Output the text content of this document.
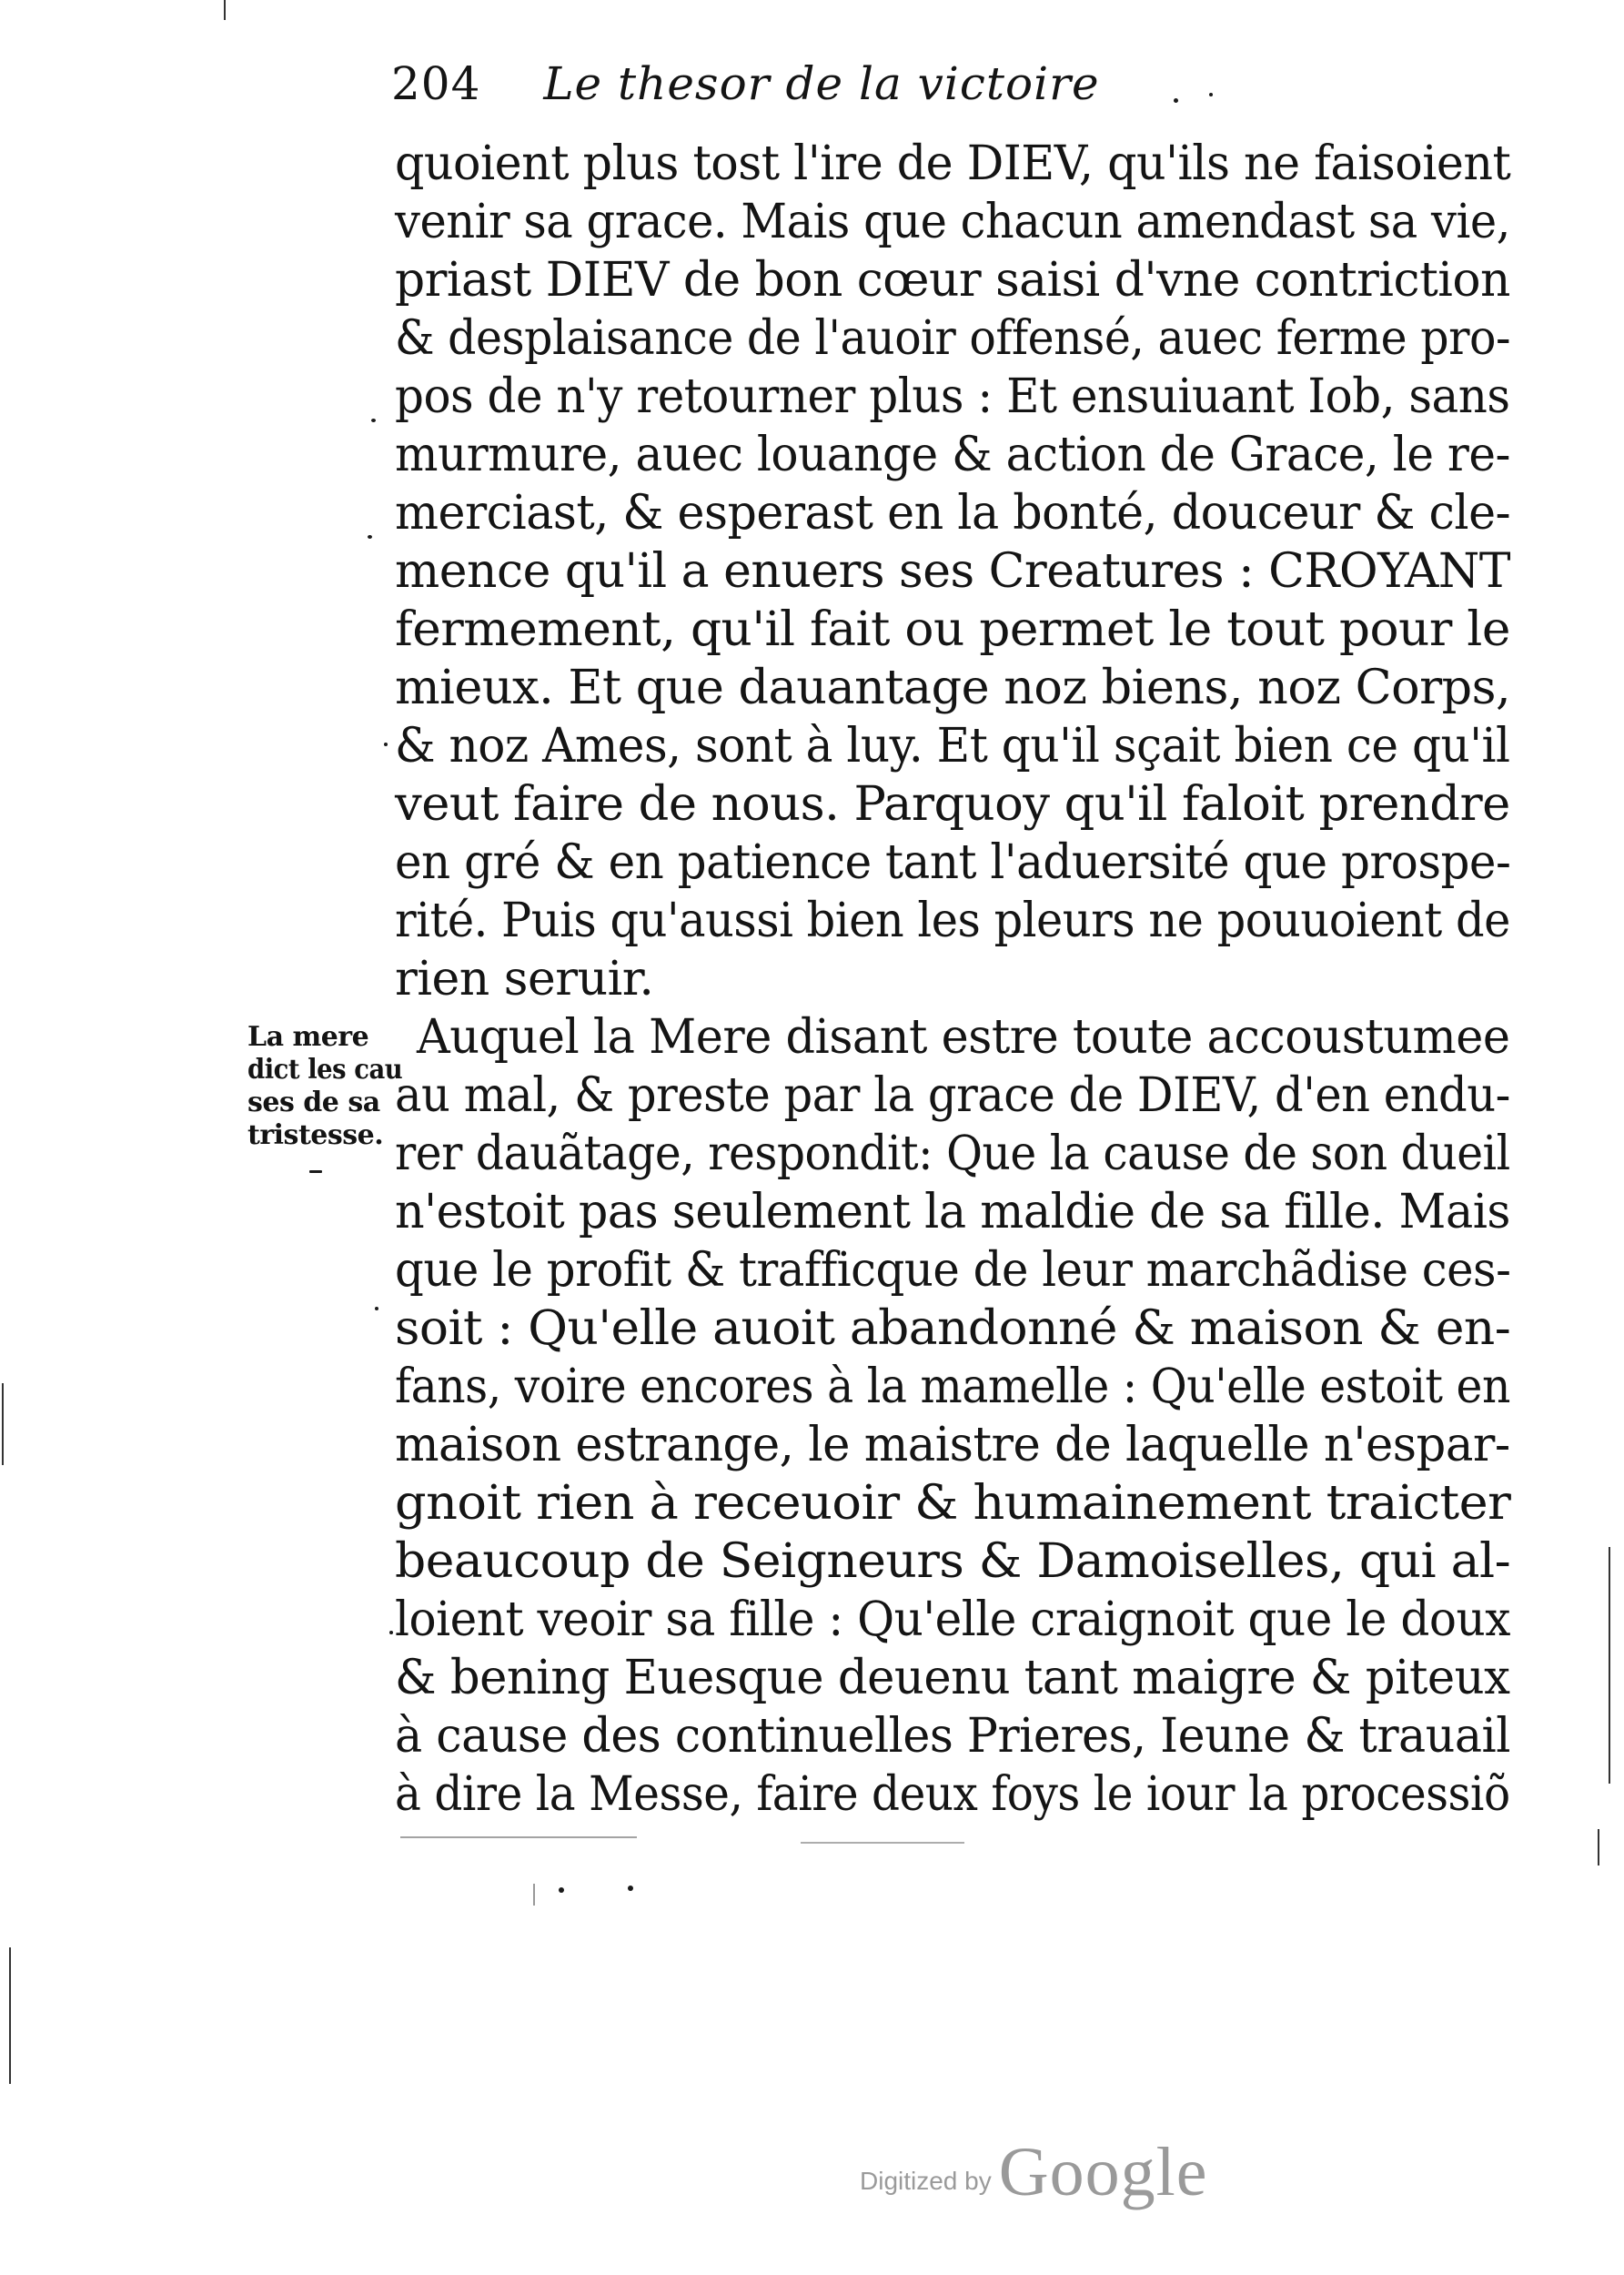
204 Le thesor de la victoire
quoient plus tost l'ire de DIEV, qu'ils ne faisoient
venir sa grace. Mais que chacun amendast sa vie,
priast DIEV de bon cœur saisi d'vne contriction
& desplaisance de l'auoir offensé, auec ferme pro-
pos de n'y retourner plus : Et ensuiuant Iob, sans
murmure, auec louange & action de Grace, le re-
merciast, & esperast en la bonté, douceur & cle-
mence qu'il a enuers ses Creatures : CROYANT
fermement, qu'il fait ou permet le tout pour le
mieux. Et que dauantage noz biens, noz Corps,
& noz Ames, sont à luy. Et qu'il sçait bien ce qu'il
veut faire de nous. Parquoy qu'il faloit prendre
en gré & en patience tant l'aduersité que prospe-
rité. Puis qu'aussi bien les pleurs ne pouuoient de
rien seruir.
Auquel la Mere disant estre toute accoustumee
au mal, & preste par la grace de DIEV, d'en endu-
rer dauãtage, respondit: Que la cause de son dueil
n'estoit pas seulement la maldie de sa fille. Mais
que le profit & trafficque de leur marchãdise ces-
soit : Qu'elle auoit abandonné & maison & en-
fans, voire encores à la mamelle : Qu'elle estoit en
maison estrange, le maistre de laquelle n'espar-
gnoit rien à receuoir & humainement traicter
beaucoup de Seigneurs & Damoiselles, qui al-
loient veoir sa fille : Qu'elle craignoit que le doux
& bening Euesque deuenu tant maigre & piteux
à cause des continuelles Prieres, Ieune & trauail
à dire la Messe, faire deux foys le iour la processiõ
La mere
dict les cau
ses de sa
tristesse.
Digitized by Google
